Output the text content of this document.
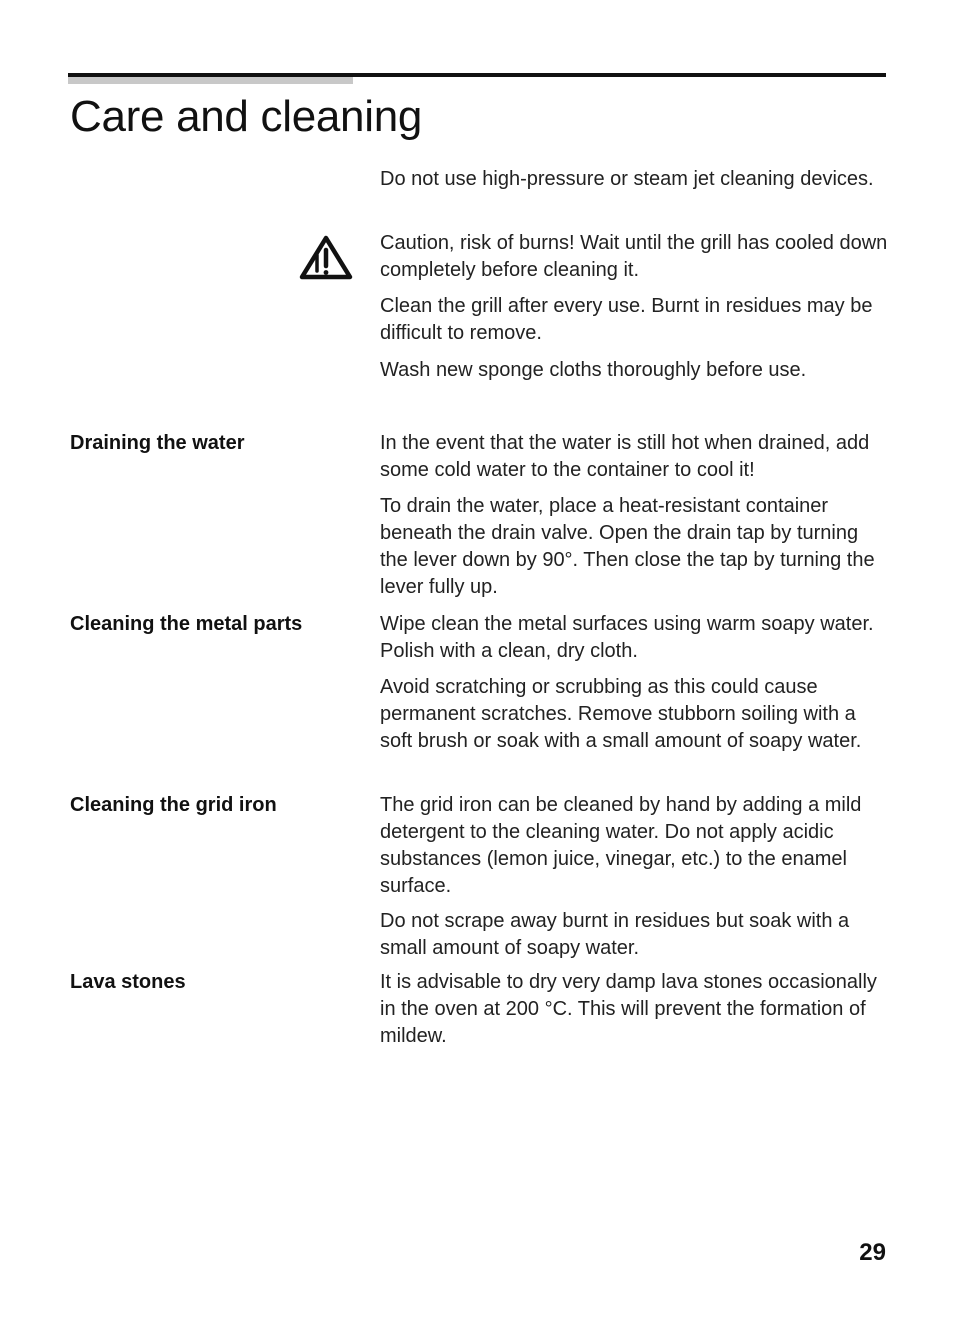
Care and cleaning

Do not use high-pressure or steam jet cleaning devices.

Caution, risk of burns! Wait until the grill has cooled down completely before cleaning it.

Clean the grill after every use. Burnt in residues may be difficult to remove.

Wash new sponge cloths thoroughly before use.

Draining the water	In the event that the water is still hot when drained, add some cold water to the container to cool it!

To drain the water, place a heat-resistant container beneath the drain valve. Open the drain tap by turning the lever down by 90°. Then close the tap by turning the lever fully up.

Cleaning the metal parts	Wipe clean the metal surfaces using warm soapy water. Polish with a clean, dry cloth.

Avoid scratching or scrubbing as this could cause permanent scratches. Remove stubborn soiling with a soft brush or soak with a small amount of soapy water.

Cleaning the grid iron	The grid iron can be cleaned by hand by adding a mild detergent to the cleaning water. Do not apply acidic substances (lemon juice, vinegar, etc.) to the enamel surface.

Do not scrape away burnt in residues but soak with a small amount of soapy water.

Lava stones	It is advisable to dry very damp lava stones occasionally in the oven at 200 °C. This will prevent the formation of mildew.

29
